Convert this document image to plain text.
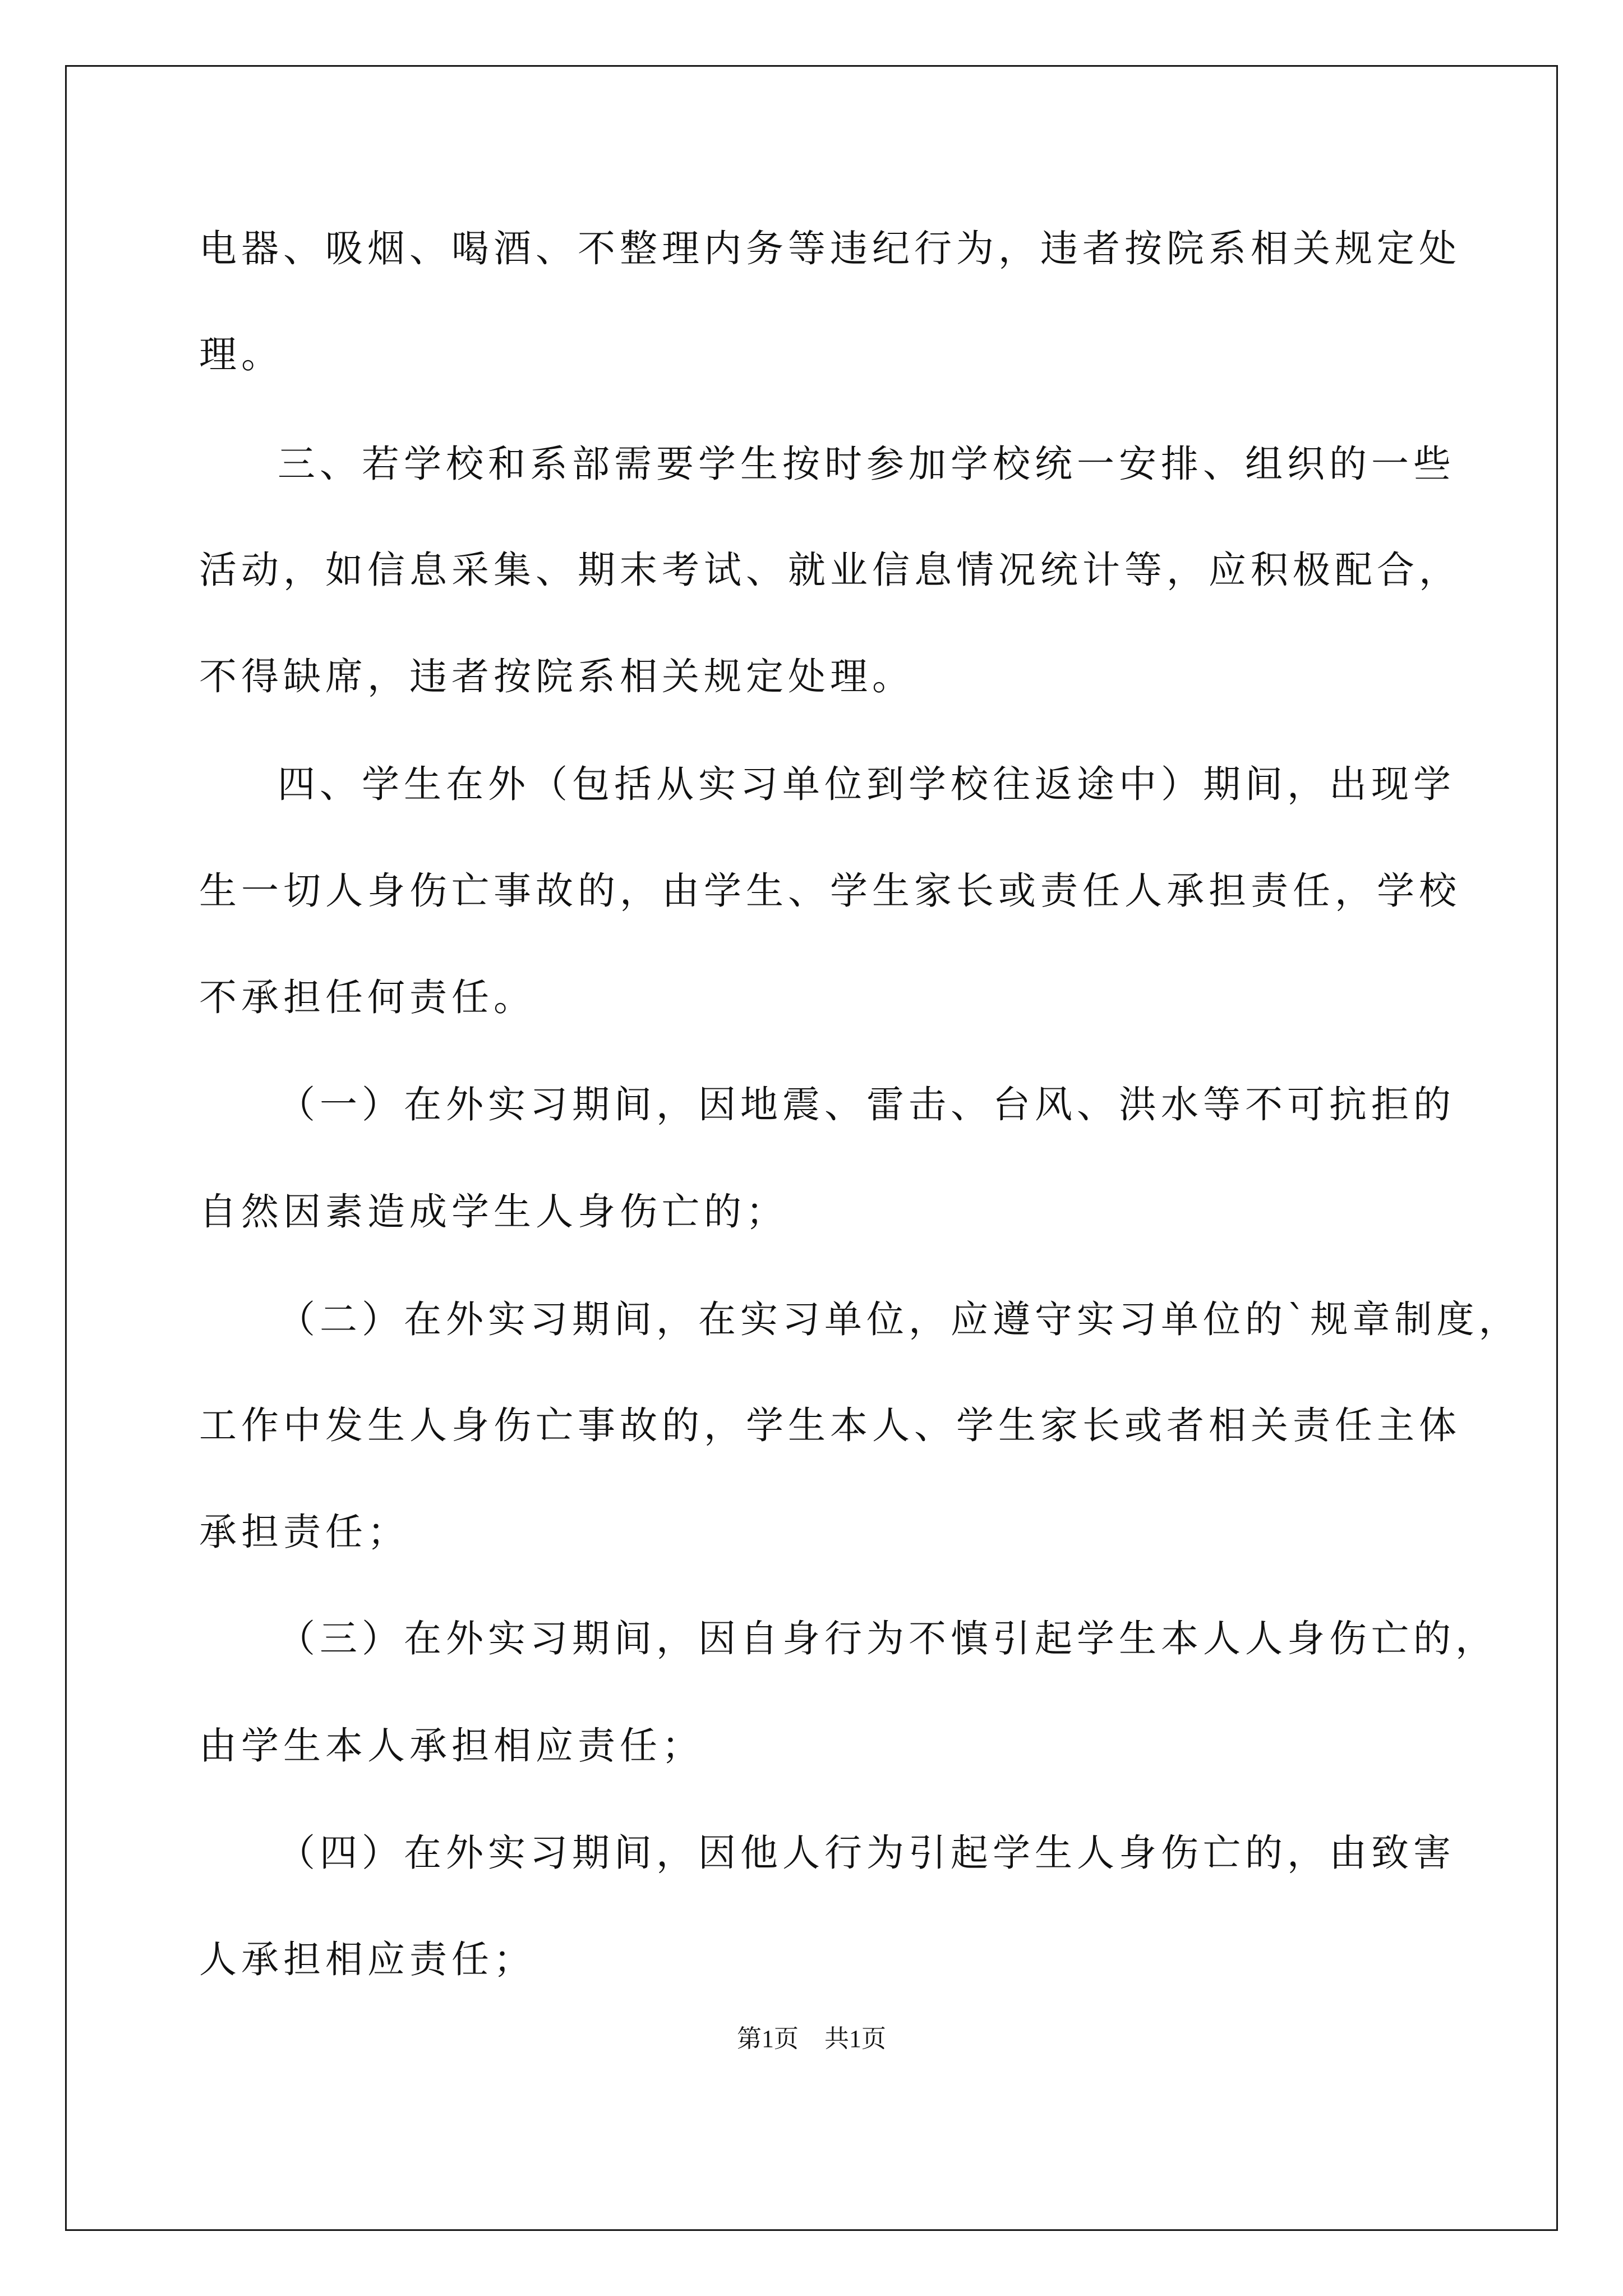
电器、吸烟、喝酒、不整理内务等违纪行为，违者按院系相关规定处
理。
三、若学校和系部需要学生按时参加学校统一安排、组织的一些
活动，如信息采集、期末考试、就业信息情况统计等，应积极配合，
不得缺席，违者按院系相关规定处理。
四、学生在外（包括从实习单位到学校往返途中）期间，出现学
生一切人身伤亡事故的，由学生、学生家长或责任人承担责任，学校
不承担任何责任。
（一）在外实习期间，因地震、雷击、台风、洪水等不可抗拒的
自然因素造成学生人身伤亡的；
（二）在外实习期间，在实习单位，应遵守实习单位的`规章制度，
工作中发生人身伤亡事故的，学生本人、学生家长或者相关责任主体
承担责任；
（三）在外实习期间，因自身行为不慎引起学生本人人身伤亡的，
由学生本人承担相应责任；
（四）在外实习期间，因他人行为引起学生人身伤亡的，由致害
人承担相应责任；
第1页 共1页
